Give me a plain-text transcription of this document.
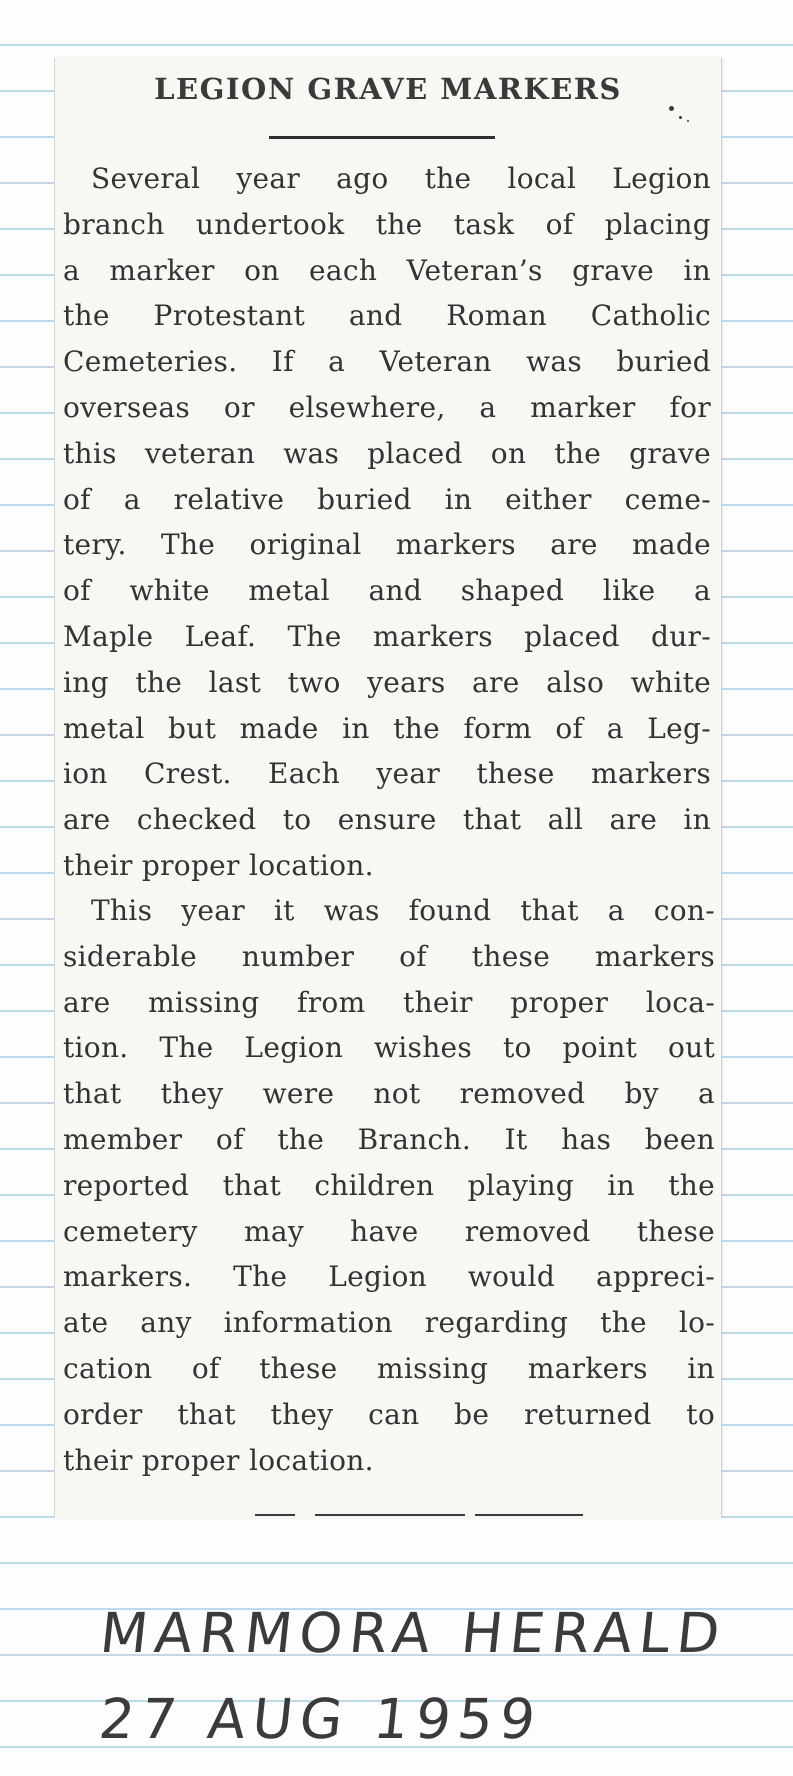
LEGION GRAVE MARKERS

Several year ago the local Legion
branch undertook the task of placing
a marker on each Veteran’s grave in
the Protestant and Roman Catholic
Cemeteries. If a Veteran was buried
overseas or elsewhere, a marker for
this veteran was placed on the grave
of a relative buried in either ceme-
tery. The original markers are made
of white metal and shaped like a
Maple Leaf. The markers placed dur-
ing the last two years are also white
metal but made in the form of a Leg-
ion Crest. Each year these markers
are checked to ensure that all are in
their proper location.

This year it was found that a con-
siderable number of these markers
are missing from their proper loca-
tion. The Legion wishes to point out
that they were not removed by a
member of the Branch. It has been
reported that children playing in the
cemetery may have removed these
markers. The Legion would appreci-
ate any information regarding the lo-
cation of these missing markers in
order that they can be returned to
their proper location.

MARMORA HERALD
27 AUG 1959
